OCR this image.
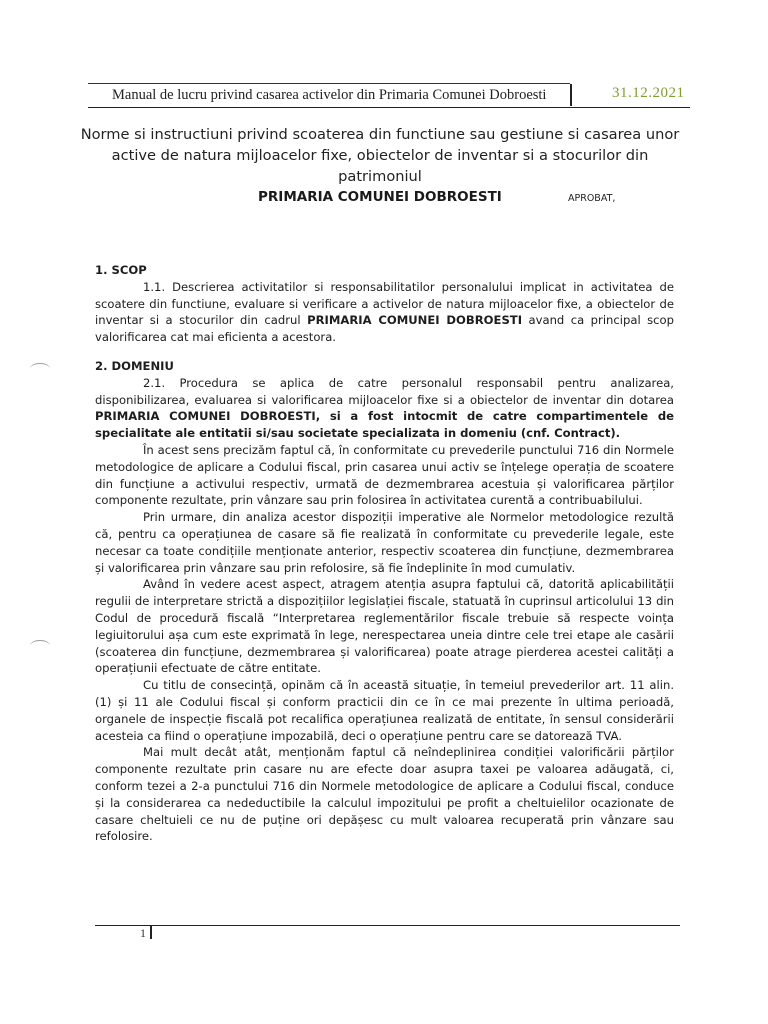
Manual de lucru privind casarea activelor din Primaria Comunei Dobroesti	31.12.2021
Norme si instructiuni privind scoaterea din functiune sau gestiune si casarea unor active de natura mijloacelor fixe, obiectelor de inventar si a stocurilor din patrimoniul
PRIMARIA COMUNEI DOBROESTI	APROBAT,
1. SCOP

1.1. Descrierea activitatilor si responsabilitatilor personalului implicat in activitatea de scoatere din functiune, evaluare si verificare a activelor de natura mijloacelor fixe, a obiectelor de inventar si a stocurilor din cadrul PRIMARIA COMUNEI DOBROESTI avand ca principal scop valorificarea cat mai eficienta a acestora.

2. DOMENIU

2.1. Procedura se aplica de catre personalul responsabil pentru analizarea, disponibilizarea, evaluarea si valorificarea mijloacelor fixe si a obiectelor de inventar din dotarea PRIMARIA COMUNEI DOBROESTI, si a fost intocmit de catre compartimentele de specialitate ale entitatii si/sau societate specializata in domeniu (cnf. Contract).

În acest sens precizăm faptul că, în conformitate cu prevederile punctului 716 din Normele metodologice de aplicare a Codului fiscal, prin casarea unui activ se înțelege operația de scoatere din funcțiune a activului respectiv, urmată de dezmembrarea acestuia și valorificarea părților componente rezultate, prin vânzare sau prin folosirea în activitatea curentă a contribuabilului.

Prin urmare, din analiza acestor dispoziții imperative ale Normelor metodologice rezultă că, pentru ca operațiunea de casare să fie realizată în conformitate cu prevederile legale, este necesar ca toate condițiile menționate anterior, respectiv scoaterea din funcțiune, dezmembrarea și valorificarea prin vânzare sau prin refolosire, să fie îndeplinite în mod cumulativ.

Având în vedere acest aspect, atragem atenția asupra faptului că, datorită aplicabilității regulii de interpretare strictă a dispozițiilor legislației fiscale, statuată în cuprinsul articolului 13 din Codul de procedură fiscală “Interpretarea reglementărilor fiscale trebuie să respecte voința legiuitorului așa cum este exprimată în lege, nerespectarea uneia dintre cele trei etape ale casării (scoaterea din funcțiune, dezmembrarea și valorificarea) poate atrage pierderea acestei calități a operațiunii efectuate de către entitate.

Cu titlu de consecință, opinăm că în această situație, în temeiul prevederilor art. 11 alin. (1) și 11 ale Codului fiscal și conform practicii din ce în ce mai prezente în ultima perioadă, organele de inspecție fiscală pot recalifica operațiunea realizată de entitate, în sensul considerării acesteia ca fiind o operațiune impozabilă, deci o operațiune pentru care se datorează TVA.

Mai mult decât atât, menționăm faptul că neîndeplinirea condiției valorificării părților componente rezultate prin casare nu are efecte doar asupra taxei pe valoarea adăugată, ci, conform tezei a 2-a punctului 716 din Normele metodologice de aplicare a Codului fiscal, conduce și la considerarea ca nedeductibile la calculul impozitului pe profit a cheltuielilor ocazionate de casare cheltuieli ce nu de puține ori depășesc cu mult valoarea recuperată prin vânzare sau refolosire.

1
